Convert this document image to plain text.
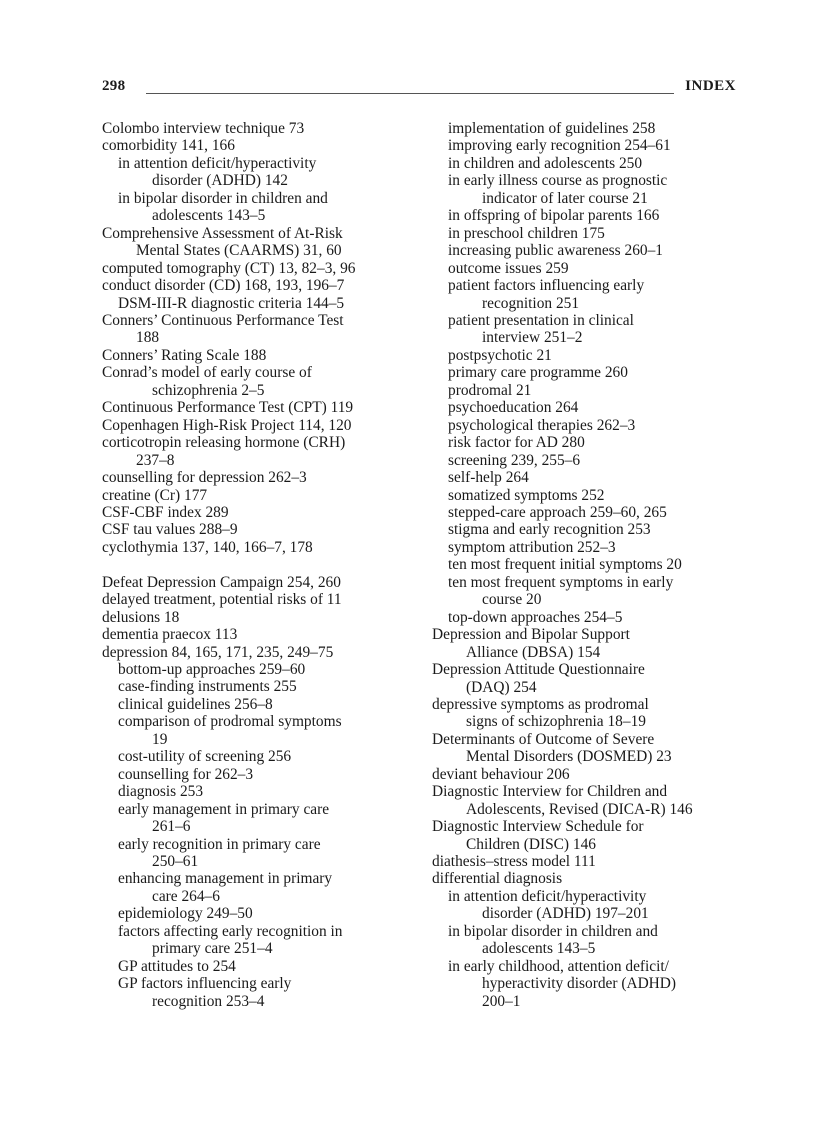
298	INDEX
Colombo interview technique 73
comorbidity 141, 166
in attention deficit/hyperactivity
disorder (ADHD) 142
in bipolar disorder in children and
adolescents 143–5
Comprehensive Assessment of At-Risk
Mental States (CAARMS) 31, 60
computed tomography (CT) 13, 82–3, 96
conduct disorder (CD) 168, 193, 196–7
DSM-III-R diagnostic criteria 144–5
Conners’ Continuous Performance Test
188
Conners’ Rating Scale 188
Conrad’s model of early course of
schizophrenia 2–5
Continuous Performance Test (CPT) 119
Copenhagen High-Risk Project 114, 120
corticotropin releasing hormone (CRH)
237–8
counselling for depression 262–3
creatine (Cr) 177
CSF-CBF index 289
CSF tau values 288–9
cyclothymia 137, 140, 166–7, 178
Defeat Depression Campaign 254, 260
delayed treatment, potential risks of 11
delusions 18
dementia praecox 113
depression 84, 165, 171, 235, 249–75
bottom-up approaches 259–60
case-finding instruments 255
clinical guidelines 256–8
comparison of prodromal symptoms
19
cost-utility of screening 256
counselling for 262–3
diagnosis 253
early management in primary care
261–6
early recognition in primary care
250–61
enhancing management in primary
care 264–6
epidemiology 249–50
factors affecting early recognition in
primary care 251–4
GP attitudes to 254
GP factors influencing early
recognition 253–4
implementation of guidelines 258
improving early recognition 254–61
in children and adolescents 250
in early illness course as prognostic
indicator of later course 21
in offspring of bipolar parents 166
in preschool children 175
increasing public awareness 260–1
outcome issues 259
patient factors influencing early
recognition 251
patient presentation in clinical
interview 251–2
postpsychotic 21
primary care programme 260
prodromal 21
psychoeducation 264
psychological therapies 262–3
risk factor for AD 280
screening 239, 255–6
self-help 264
somatized symptoms 252
stepped-care approach 259–60, 265
stigma and early recognition 253
symptom attribution 252–3
ten most frequent initial symptoms 20
ten most frequent symptoms in early
course 20
top-down approaches 254–5
Depression and Bipolar Support
Alliance (DBSA) 154
Depression Attitude Questionnaire
(DAQ) 254
depressive symptoms as prodromal
signs of schizophrenia 18–19
Determinants of Outcome of Severe
Mental Disorders (DOSMED) 23
deviant behaviour 206
Diagnostic Interview for Children and
Adolescents, Revised (DICA-R) 146
Diagnostic Interview Schedule for
Children (DISC) 146
diathesis–stress model 111
differential diagnosis
in attention deficit/hyperactivity
disorder (ADHD) 197–201
in bipolar disorder in children and
adolescents 143–5
in early childhood, attention deficit/
hyperactivity disorder (ADHD)
200–1
